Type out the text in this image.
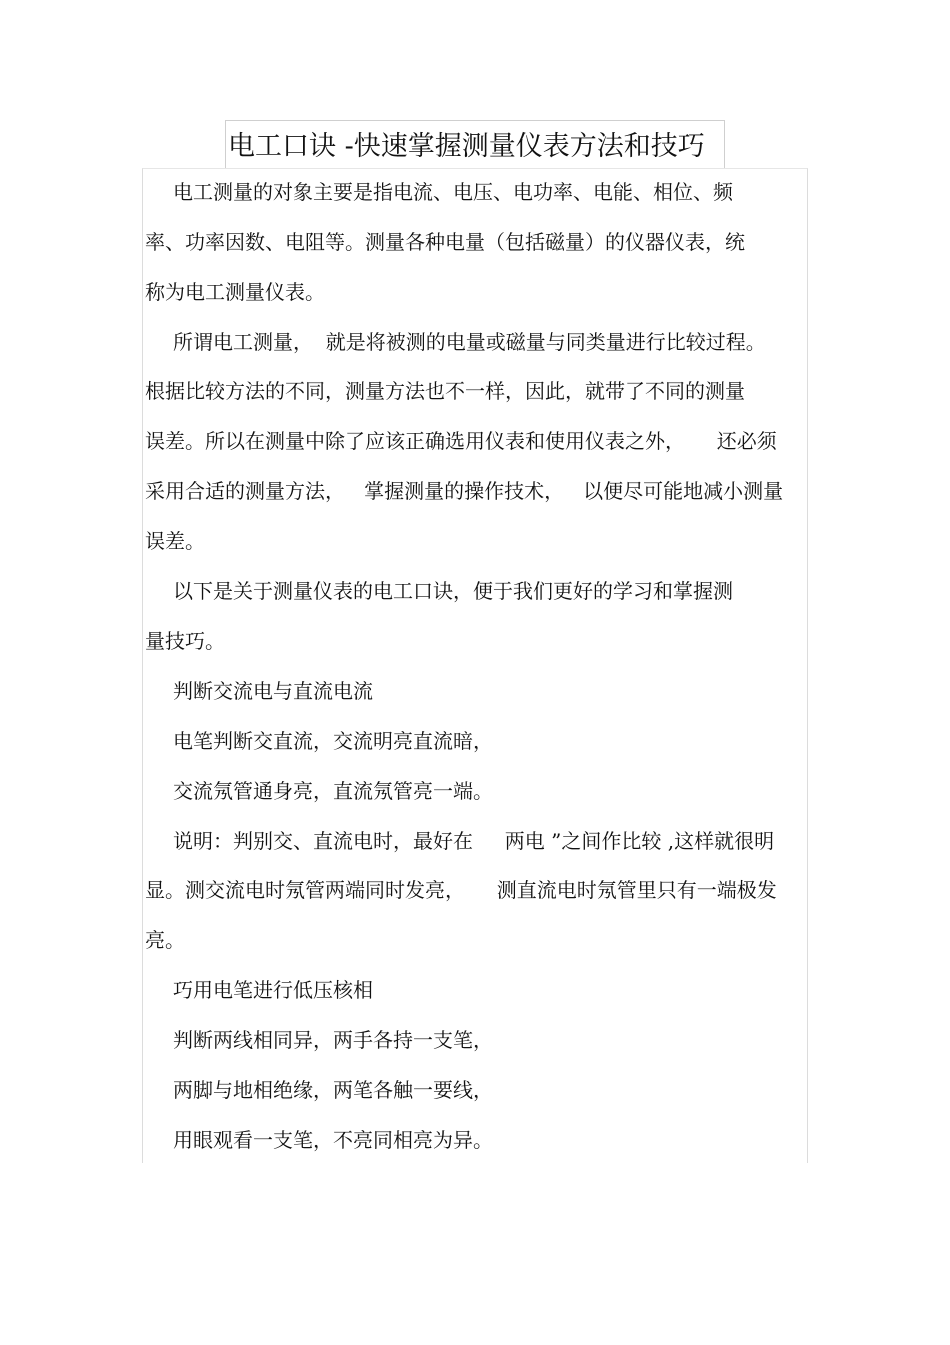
电工口诀 -快速掌握测量仪表方法和技巧
电工测量的对象主要是指电流、电压、电功率、电能、相位、频
率、功率因数、电阻等。测量各种电量（包括磁量）的仪器仪表，统
称为电工测量仪表。
所谓电工测量，  就是将被测的电量或磁量与同类量进行比较过程。
根据比较方法的不同，测量方法也不一样，因此，就带了不同的测量
误差。所以在测量中除了应该正确选用仪表和使用仪表之外，     还必须
采用合适的测量方法，   掌握测量的操作技术，   以便尽可能地减小测量
误差。
以下是关于测量仪表的电工口诀，便于我们更好的学习和掌握测
量技巧。
判断交流电与直流电流
电笔判断交直流，交流明亮直流暗，
交流氖管通身亮，直流氖管亮一端。
说明：判别交、直流电时，最好在     两电 ”之间作比较 ,这样就很明
显。测交流电时氖管两端同时发亮，     测直流电时氖管里只有一端极发
亮。
巧用电笔进行低压核相
判断两线相同异，两手各持一支笔，
两脚与地相绝缘，两笔各触一要线，
用眼观看一支笔，不亮同相亮为异。
